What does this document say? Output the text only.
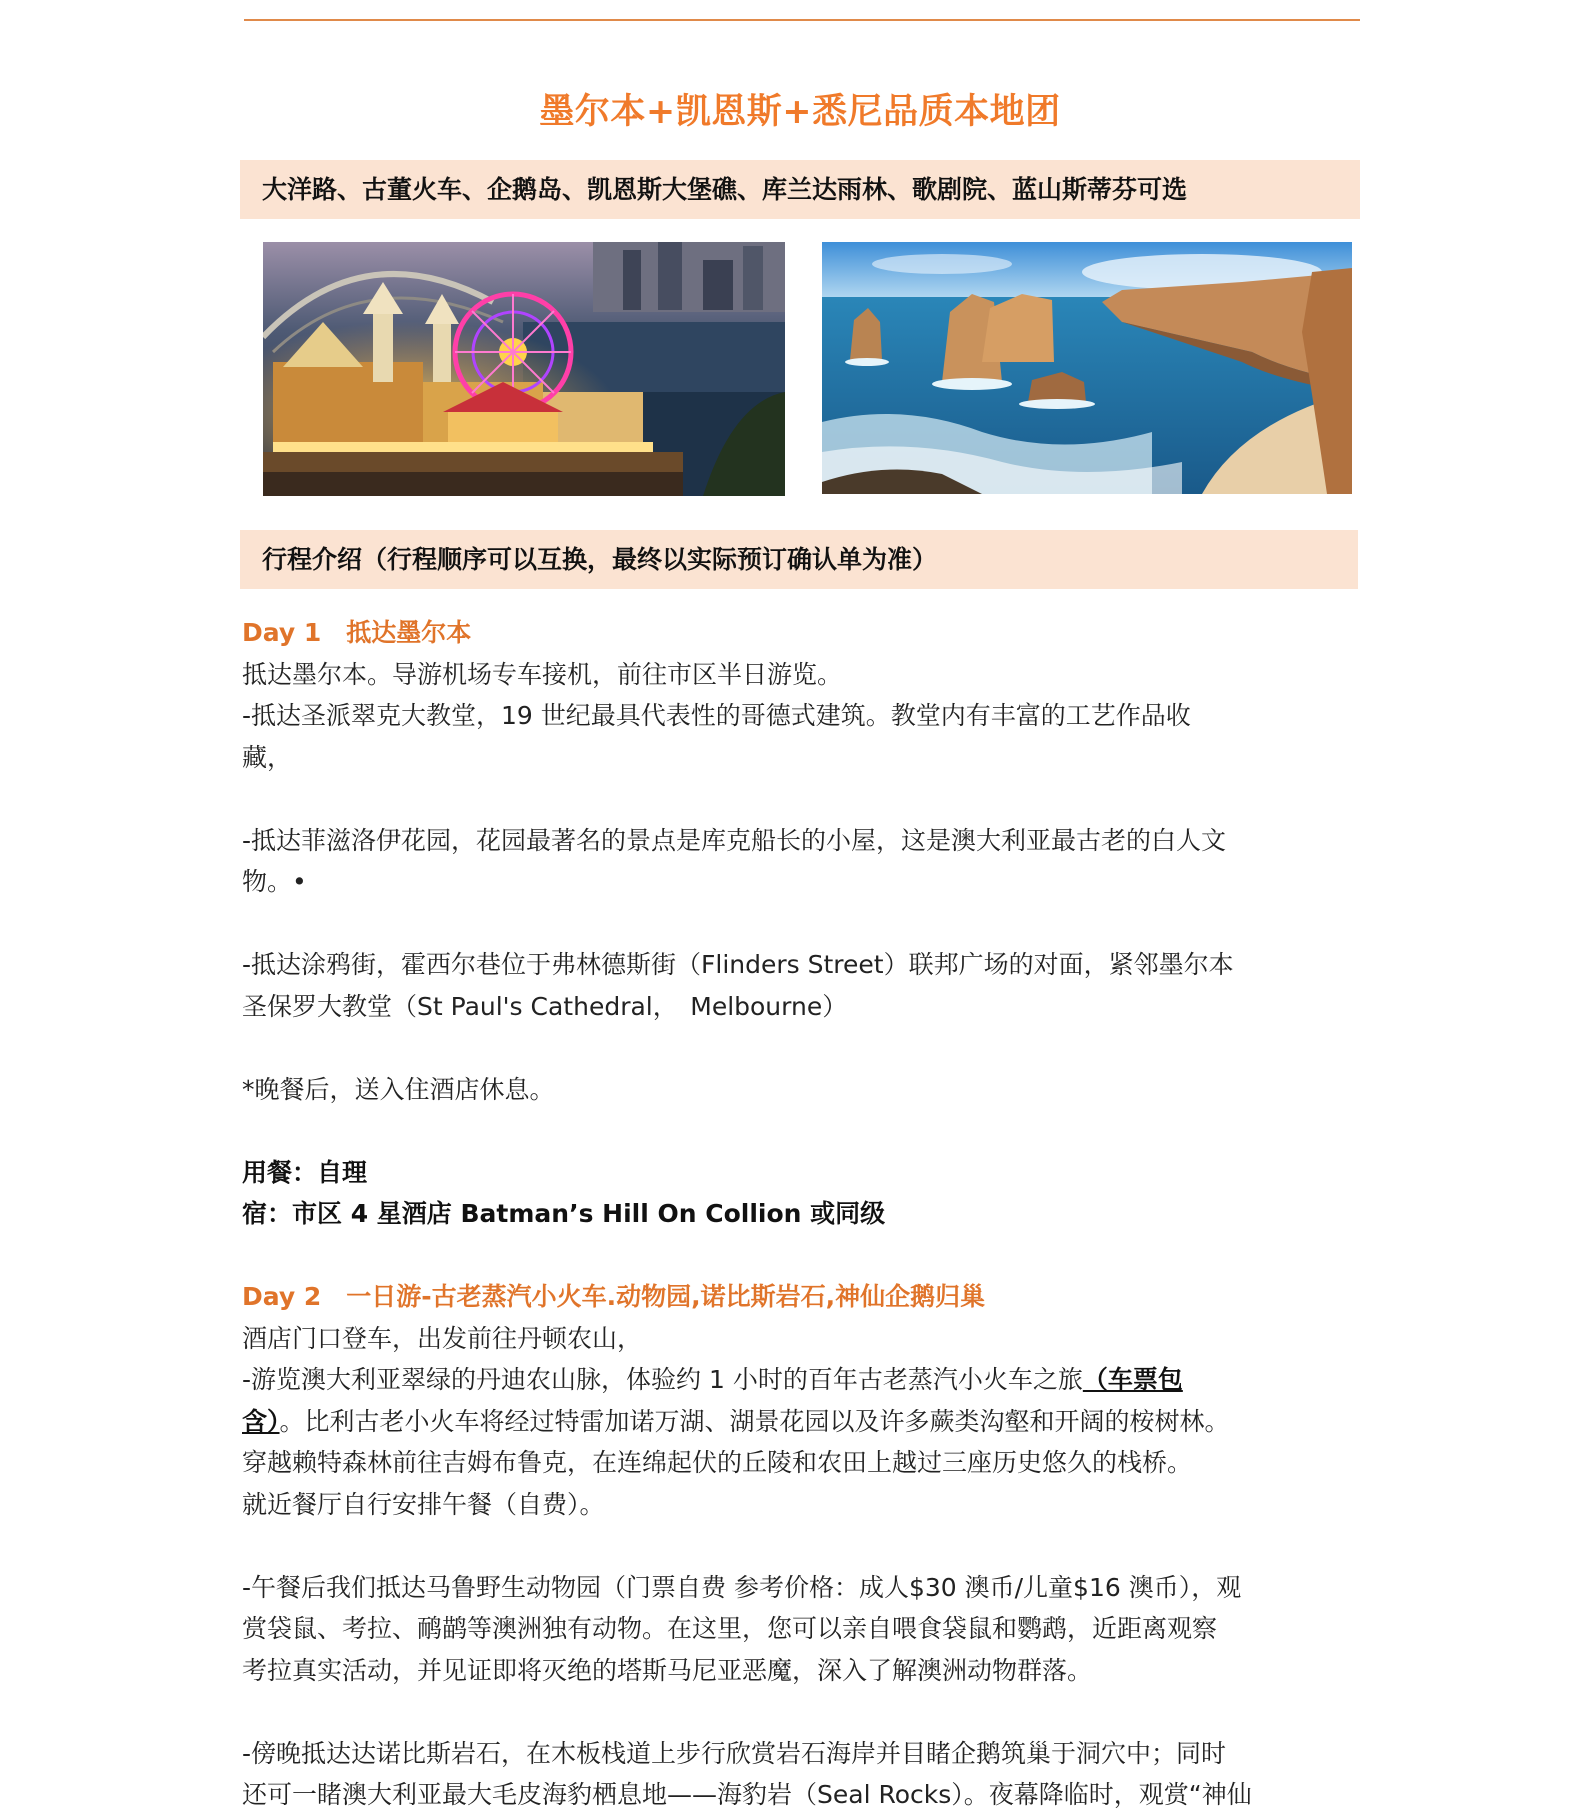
墨尔本+凯恩斯+悉尼品质本地团
大洋路、古董火车、企鹅岛、凯恩斯大堡礁、库兰达雨林、歌剧院、蓝山斯蒂芬可选
行程介绍（行程顺序可以互换，最终以实际预订确认单为准）
Day 1　抵达墨尔本
抵达墨尔本。导游机场专车接机，前往市区半日游览。
-抵达圣派翠克大教堂，19 世纪最具代表性的哥德式建筑。教堂内有丰富的工艺作品收
藏，
-抵达菲滋洛伊花园，花园最著名的景点是库克船长的小屋，这是澳大利亚最古老的白人文
物。•
-抵达涂鸦街，霍西尔巷位于弗林德斯街（Flinders Street）联邦广场的对面，紧邻墨尔本
圣保罗大教堂（St Paul's Cathedral，　Melbourne）
*晚餐后，送入住酒店休息。
用餐：自理
宿：市区 4 星酒店 Batman’s Hill On Collion 或同级
Day 2　一日游-古老蒸汽小火车.动物园,诺比斯岩石,神仙企鹅归巢
酒店门口登车，出发前往丹顿农山，
-游览澳大利亚翠绿的丹迪农山脉，体验约 1 小时的百年古老蒸汽小火车之旅（车票包
含）。比利古老小火车将经过特雷加诺万湖、湖景花园以及许多蕨类沟壑和开阔的桉树林。
穿越赖特森林前往吉姆布鲁克，在连绵起伏的丘陵和农田上越过三座历史悠久的栈桥。
就近餐厅自行安排午餐（自费）。
-午餐后我们抵达马鲁野生动物园（门票自费 参考价格：成人$30 澳币/儿童$16 澳币），观
赏袋鼠、考拉、鸸鹋等澳洲独有动物。在这里，您可以亲自喂食袋鼠和鹦鹉，近距离观察
考拉真实活动，并见证即将灭绝的塔斯马尼亚恶魔，深入了解澳洲动物群落。
-傍晚抵达达诺比斯岩石，在木板栈道上步行欣赏岩石海岸并目睹企鹅筑巢于洞穴中；同时
还可一睹澳大利亚最大毛皮海豹栖息地——海豹岩（Seal Rocks）。夜幕降临时，观赏“神仙
